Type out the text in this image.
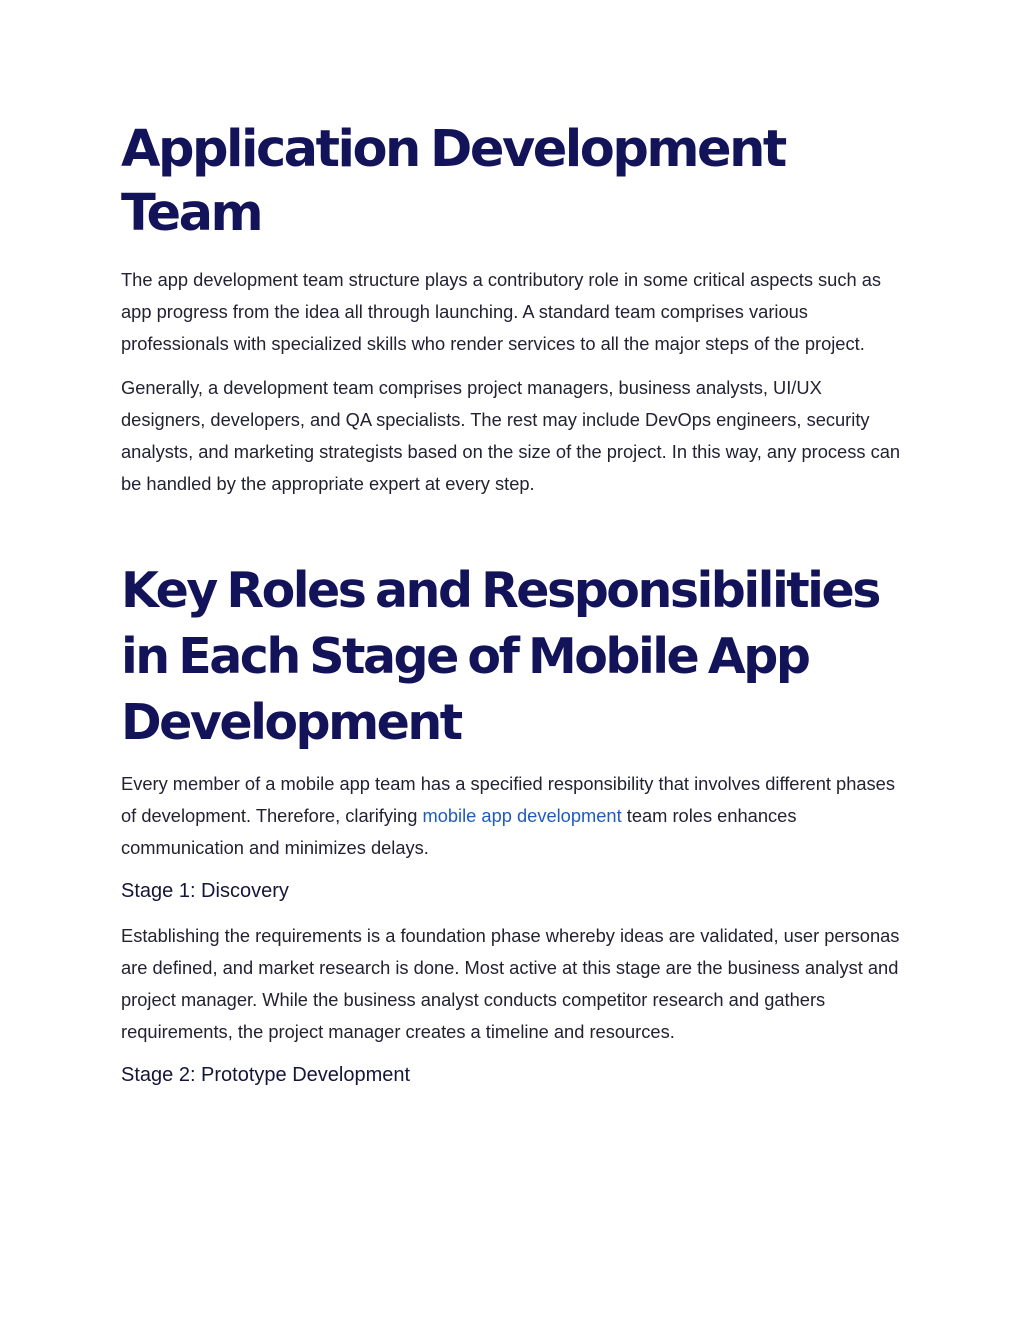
Application Development Team

The app development team structure plays a contributory role in some critical aspects such as app progress from the idea all through launching. A standard team comprises various professionals with specialized skills who render services to all the major steps of the project.

Generally, a development team comprises project managers, business analysts, UI/UX designers, developers, and QA specialists. The rest may include DevOps engineers, security analysts, and marketing strategists based on the size of the project. In this way, any process can be handled by the appropriate expert at every step.

Key Roles and Responsibilities in Each Stage of Mobile App Development

Every member of a mobile app team has a specified responsibility that involves different phases of development. Therefore, clarifying mobile app development team roles enhances communication and minimizes delays.

Stage 1: Discovery

Establishing the requirements is a foundation phase whereby ideas are validated, user personas are defined, and market research is done. Most active at this stage are the business analyst and project manager. While the business analyst conducts competitor research and gathers requirements, the project manager creates a timeline and resources.

Stage 2: Prototype Development
